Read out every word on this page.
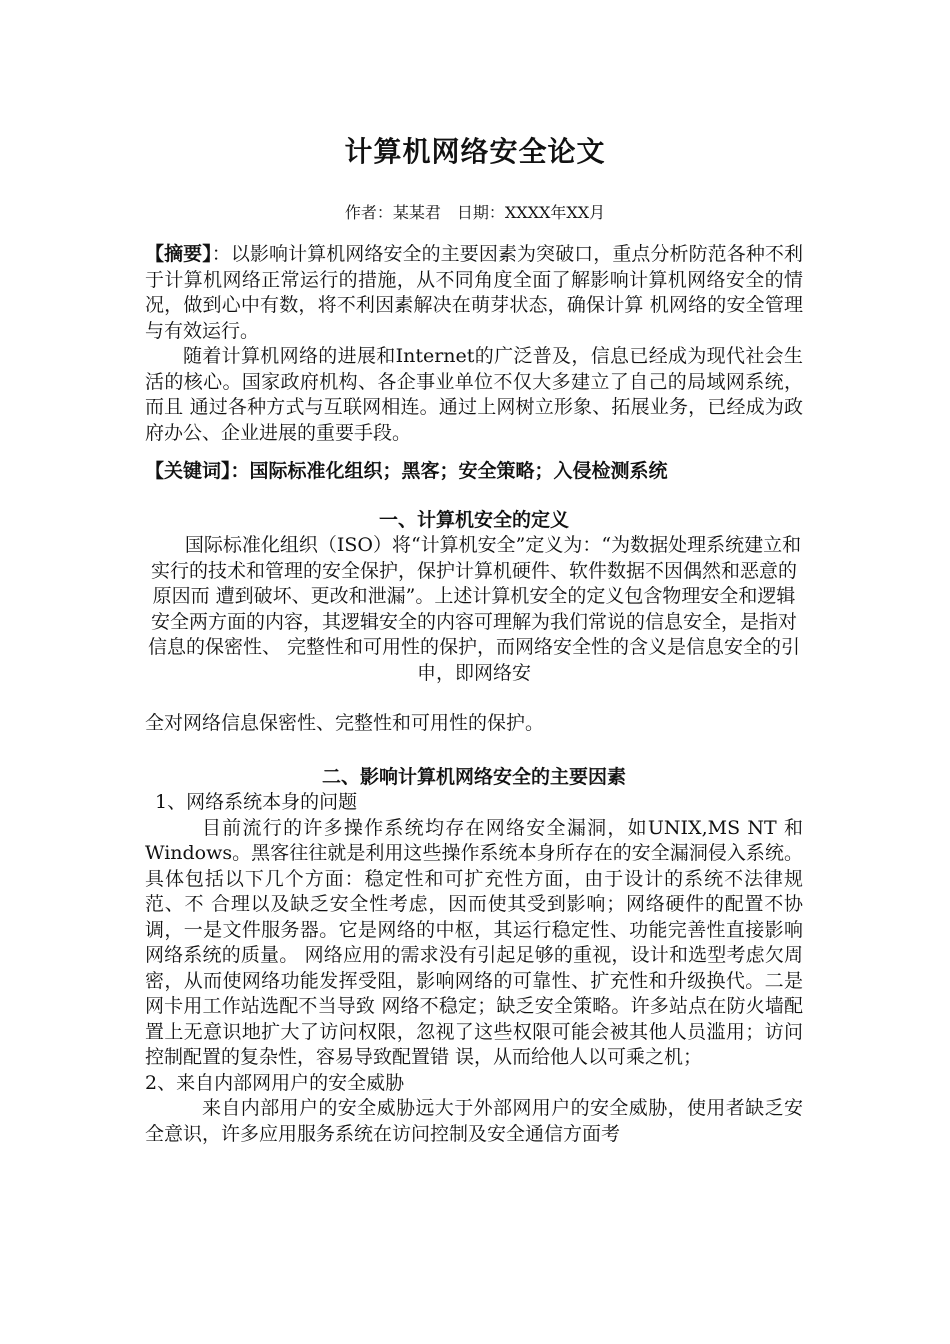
计算机网络安全论文
作者：某某君　日期：XXXX年XX月

【摘要】：以影响计算机网络安全的主要因素为突破口，重点分析防范各种不利于计算机网络正常运行的措施，从不同角度全面了解影响计算机网络安全的情况，做到心中有数，将不利因素解决在萌芽状态，确保计算 机网络的安全管理与有效运行。

随着计算机网络的进展和Internet的广泛普及，信息已经成为现代社会生活的核心。国家政府机构、各企事业单位不仅大多建立了自己的局域网系统，而且 通过各种方式与互联网相连。通过上网树立形象、拓展业务，已经成为政府办公、企业进展的重要手段。

【关键词】：国际标准化组织；黑客；安全策略；入侵检测系统

一、计算机安全的定义

国际标准化组织（ISO）将“计算机安全”定义为：“为数据处理系统建立和实行的技术和管理的安全保护，保护计算机硬件、软件数据不因偶然和恶意的原因而 遭到破坏、更改和泄漏”。上述计算机安全的定义包含物理安全和逻辑安全两方面的内容，其逻辑安全的内容可理解为我们常说的信息安全，是指对信息的保密性、 完整性和可用性的保护，而网络安全性的含义是信息安全的引申，即网络安

全对网络信息保密性、完整性和可用性的保护。

二、影响计算机网络安全的主要因素

1、网络系统本身的问题

目前流行的许多操作系统均存在网络安全漏洞，如UNIX,MS NT 和Windows。黑客往往就是利用这些操作系统本身所存在的安全漏洞侵入系统。具体包括以下几个方面：稳定性和可扩充性方面，由于设计的系统不法律规范、不 合理以及缺乏安全性考虑，因而使其受到影响；网络硬件的配置不协调，一是文件服务器。它是网络的中枢，其运行稳定性、功能完善性直接影响网络系统的质量。 网络应用的需求没有引起足够的重视，设计和选型考虑欠周密，从而使网络功能发挥受阻，影响网络的可靠性、扩充性和升级换代。二是网卡用工作站选配不当导致 网络不稳定；缺乏安全策略。许多站点在防火墙配置上无意识地扩大了访问权限，忽视了这些权限可能会被其他人员滥用；访问控制配置的复杂性，容易导致配置错 误，从而给他人以可乘之机；

2、来自内部网用户的安全威胁

来自内部用户的安全威胁远大于外部网用户的安全威胁，使用者缺乏安全意识，许多应用服务系统在访问控制及安全通信方面考
